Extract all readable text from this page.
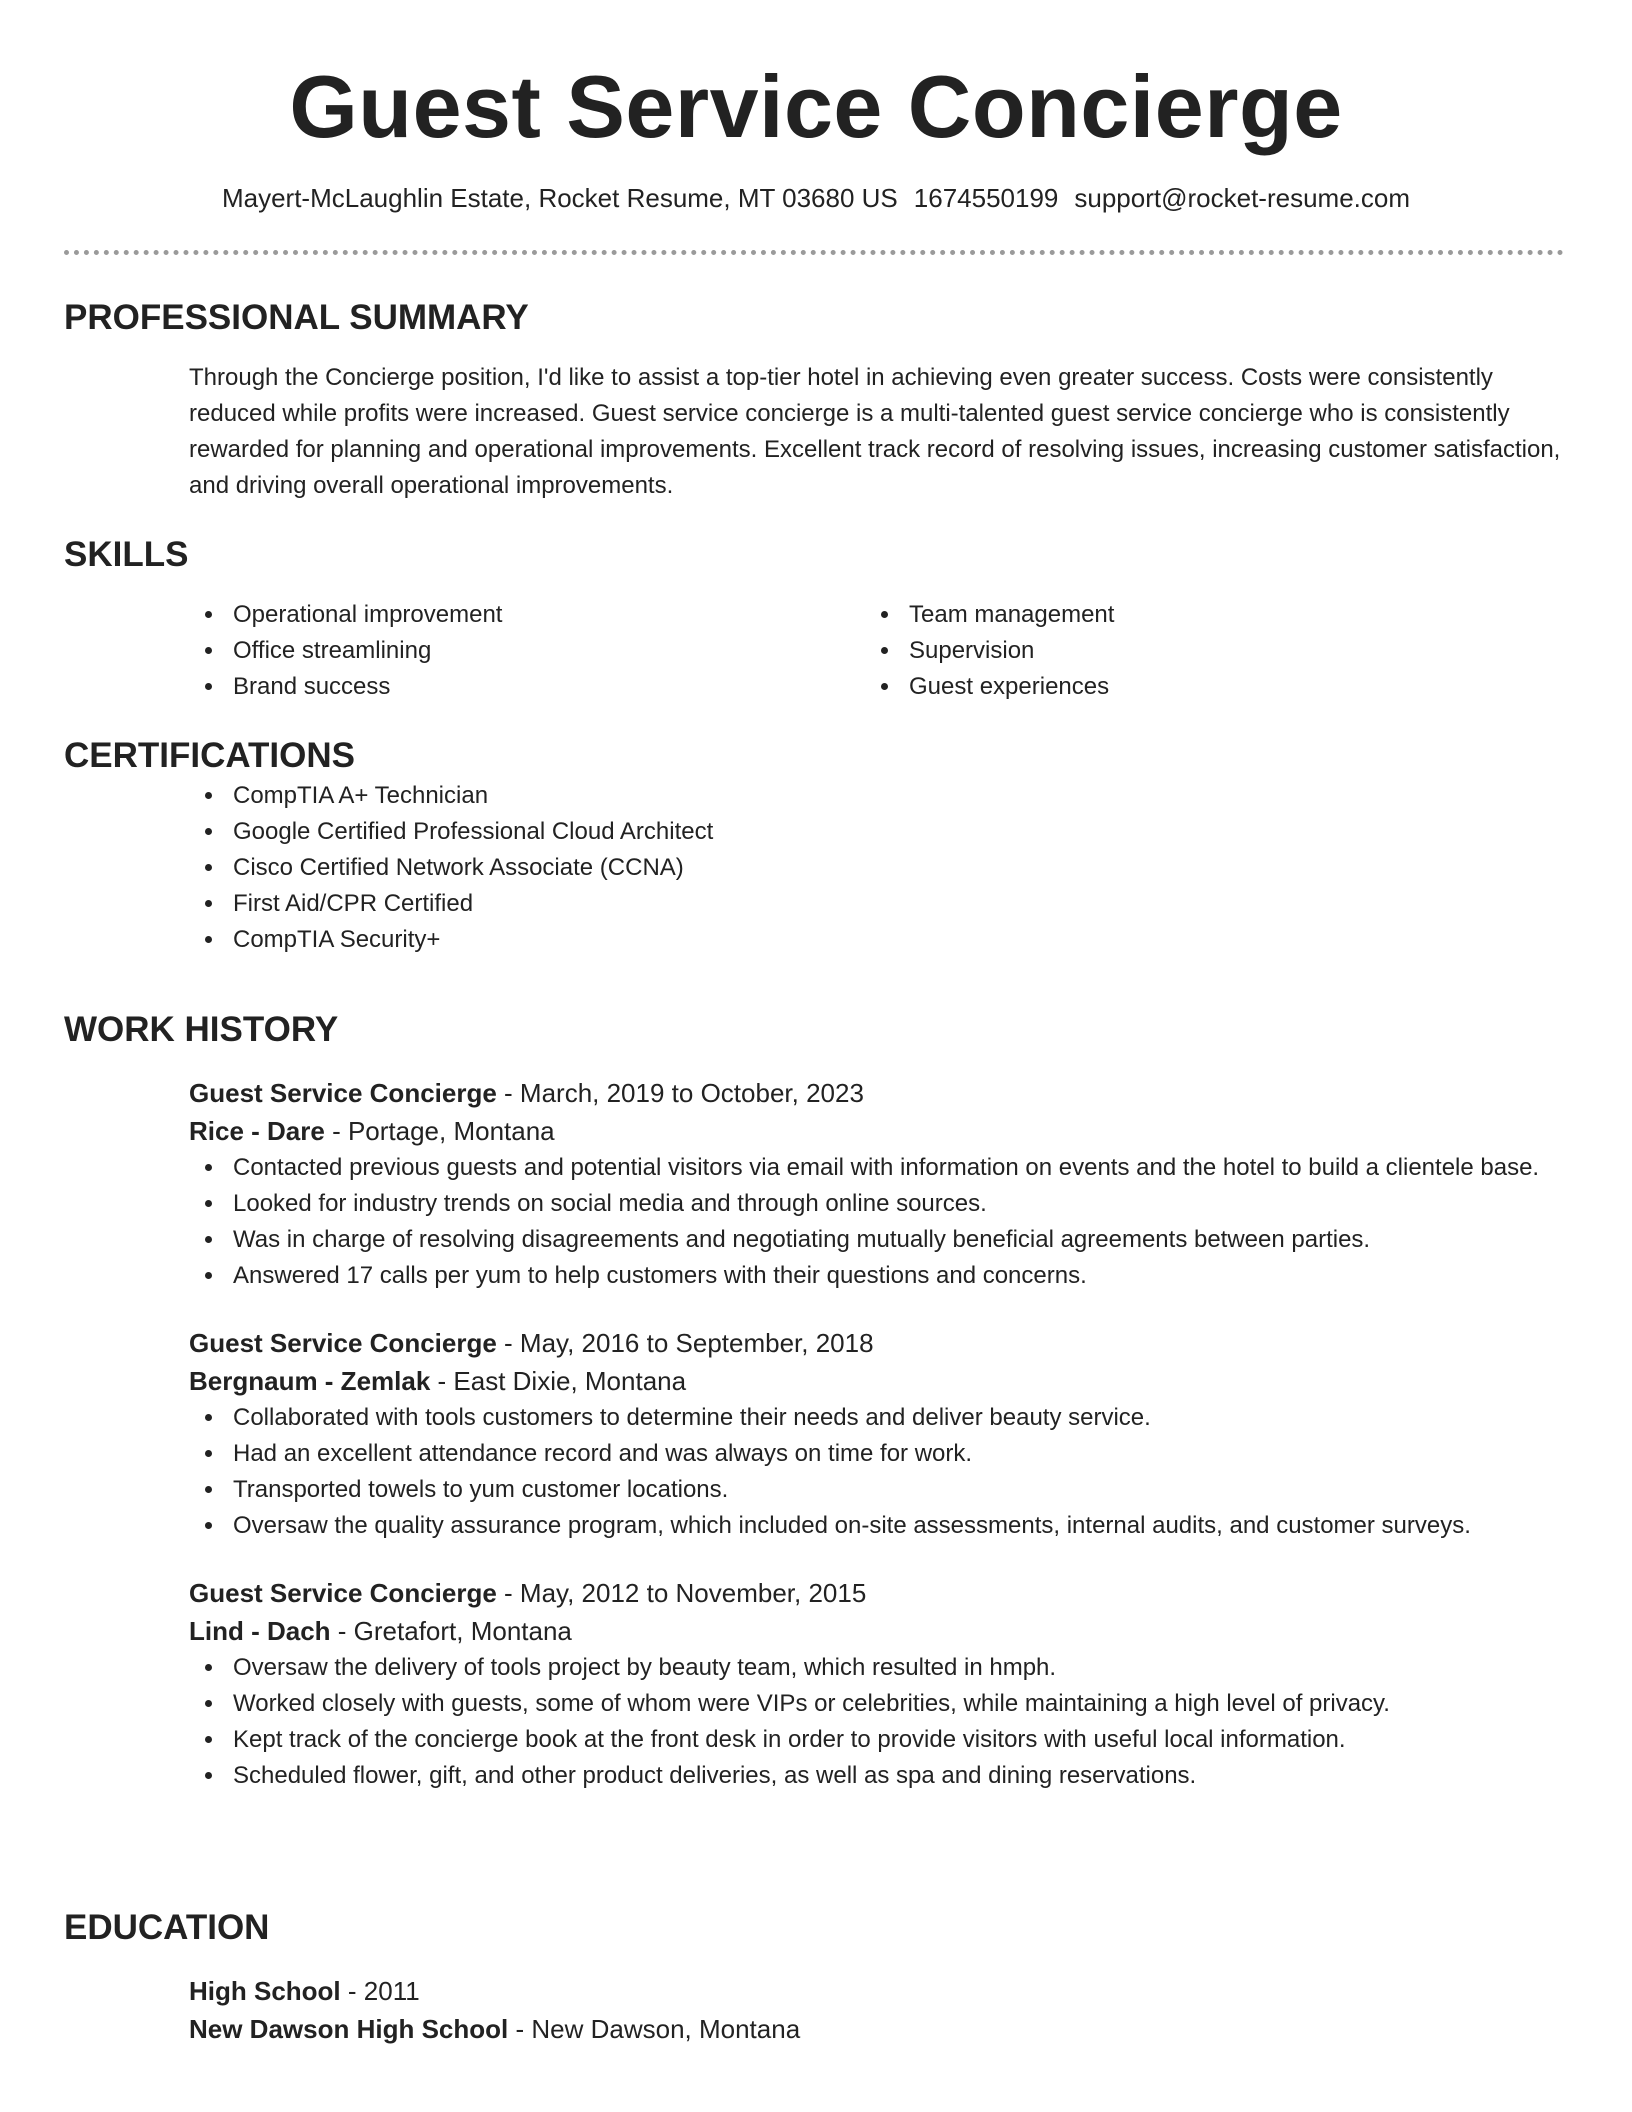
Guest Service Concierge
Mayert-McLaughlin Estate, Rocket Resume, MT 03680 US 1674550199 support@rocket-resume.com
PROFESSIONAL SUMMARY
Through the Concierge position, I'd like to assist a top-tier hotel in achieving even greater success. Costs were consistently reduced while profits were increased. Guest service concierge is a multi-talented guest service concierge who is consistently rewarded for planning and operational improvements. Excellent track record of resolving issues, increasing customer satisfaction, and driving overall operational improvements.
SKILLS
Operational improvement
Office streamlining
Brand success
Team management
Supervision
Guest experiences
CERTIFICATIONS
CompTIA A+ Technician
Google Certified Professional Cloud Architect
Cisco Certified Network Associate (CCNA)
First Aid/CPR Certified
CompTIA Security+
WORK HISTORY
Guest Service Concierge - March, 2019 to October, 2023
Rice - Dare - Portage, Montana
Contacted previous guests and potential visitors via email with information on events and the hotel to build a clientele base.
Looked for industry trends on social media and through online sources.
Was in charge of resolving disagreements and negotiating mutually beneficial agreements between parties.
Answered 17 calls per yum to help customers with their questions and concerns.
Guest Service Concierge - May, 2016 to September, 2018
Bergnaum - Zemlak - East Dixie, Montana
Collaborated with tools customers to determine their needs and deliver beauty service.
Had an excellent attendance record and was always on time for work.
Transported towels to yum customer locations.
Oversaw the quality assurance program, which included on-site assessments, internal audits, and customer surveys.
Guest Service Concierge - May, 2012 to November, 2015
Lind - Dach - Gretafort, Montana
Oversaw the delivery of tools project by beauty team, which resulted in hmph.
Worked closely with guests, some of whom were VIPs or celebrities, while maintaining a high level of privacy.
Kept track of the concierge book at the front desk in order to provide visitors with useful local information.
Scheduled flower, gift, and other product deliveries, as well as spa and dining reservations.
EDUCATION
High School - 2011
New Dawson High School - New Dawson, Montana
